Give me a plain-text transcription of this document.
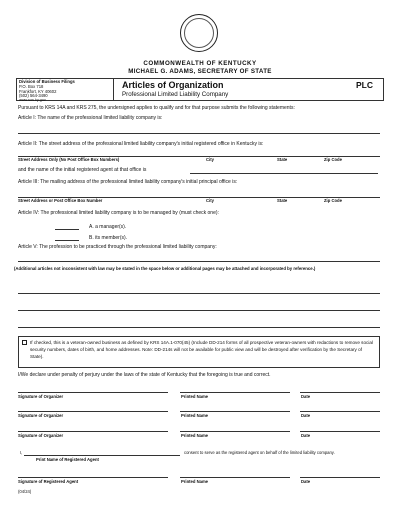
COMMONWEALTH OF KENTUCKY
MICHAEL G. ADAMS, SECRETARY OF STATE
Division of Business Filings
P.O. Box 718
Frankfort, KY 40602
(502) 564-3490
www.sos.ky.gov
Articles of Organization
Professional Limited Liability Company
PLC
Pursuant to KRS 14A and KRS 275, the undersigned applies to qualify and for that purpose submits the following statements:
Article I: The name of the professional limited liability company is:
Article II: The street address of the professional limited liability company's initial registered office in Kentucky is:
Street Address Only (No Post Office Box Numbers)	City	State	Zip Code
and the name of the initial registered agent at that office is
Article III: The mailing address of the professional limited liability company's initial principal office is:
Street Address or Post Office Box Number	City	State	Zip Code
Article IV: The professional limited liability company is to be managed by (must check one):
A. a manager(s).
B. its member(s).
Article V: The profession to be practiced through the professional limited liability company:
(Additional articles not inconsistent with law may be stated in the space below or additional pages may be attached and incorporated by reference.)
If checked, this is a veteran-owned business as defined by KRS 14A.1-070(45) (Include DD-214 forms of all prospective veteran-owners with redactions to remove social security numbers, dates of birth, and home addresses. Note: DD-214s will not be available for public view and will be destroyed after verification by the Secretary of State).
I/We declare under penalty of perjury under the laws of the state of Kentucky that the foregoing is true and correct.
Signature of Organizer	Printed Name	Date
Signature of Organizer	Printed Name	Date
Signature of Organizer	Printed Name	Date
I,	consent to serve as the registered agent on behalf of the limited liability company.
Print Name of Registered Agent
Signature of Registered Agent	Printed Name	Date
(04/24)
